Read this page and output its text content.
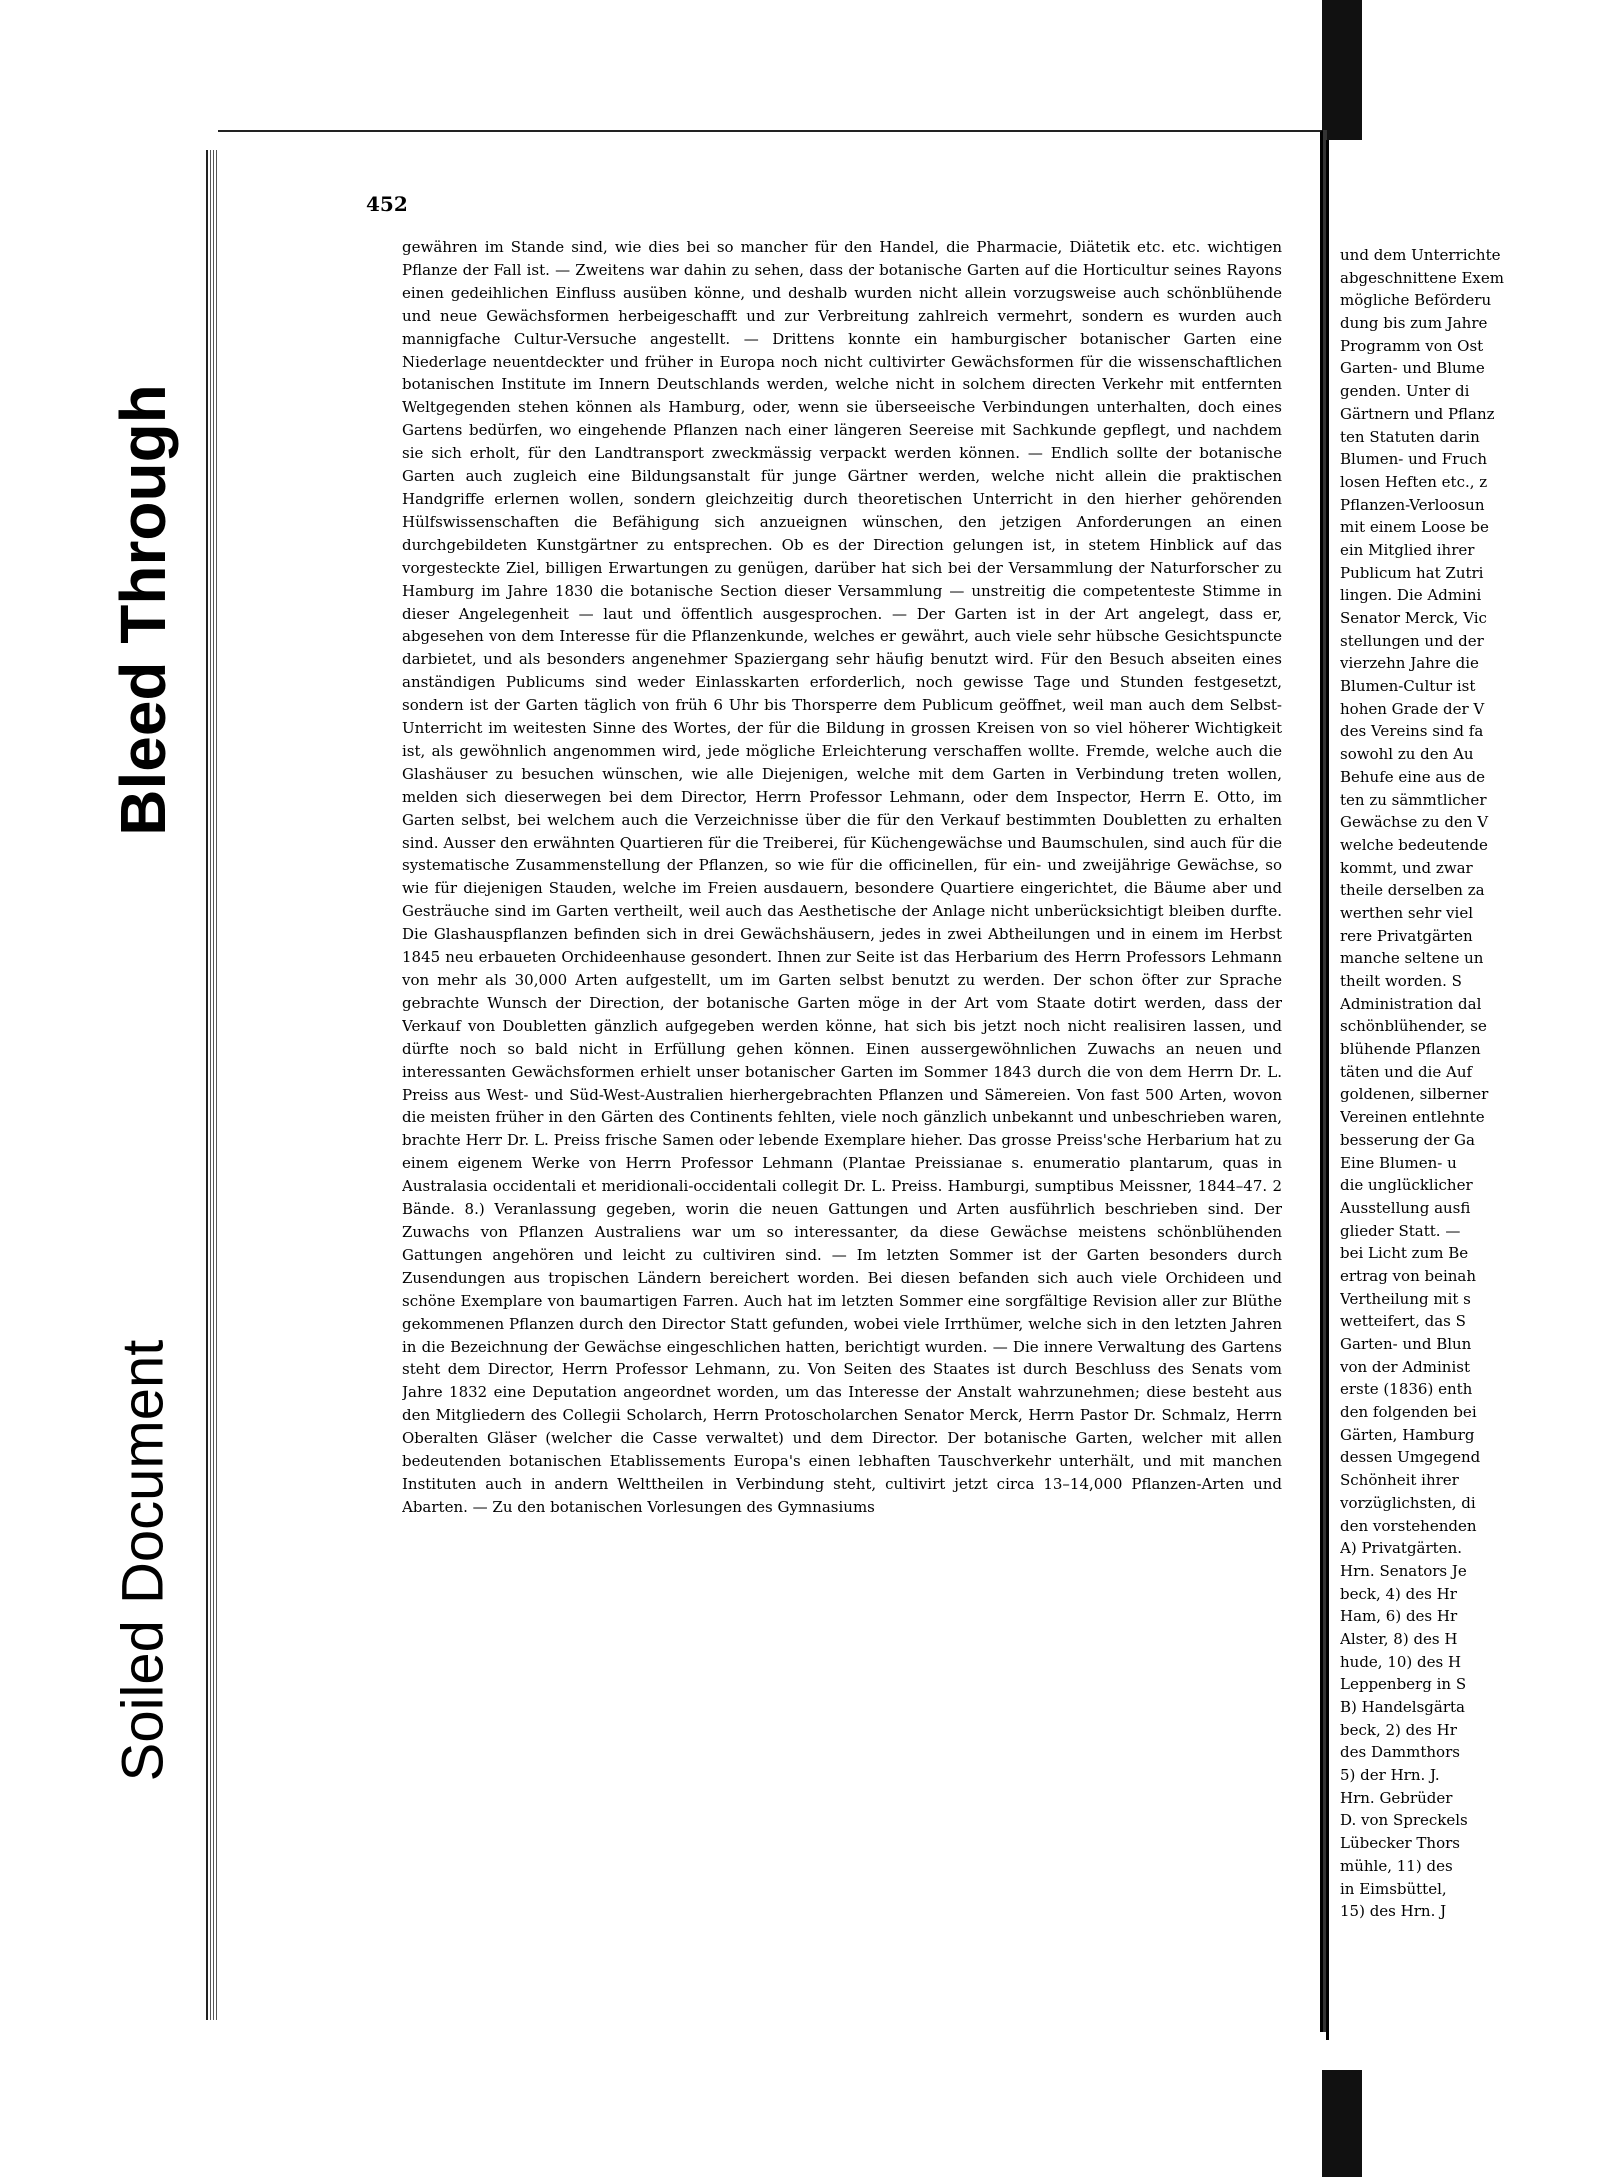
Bleed Through
Soiled Document
452

gewähren im Stande sind, wie dies bei so mancher für den Handel, die Pharmacie, Diätetik etc. etc. wichtigen Pflanze der Fall ist. — Zweitens war dahin zu sehen, dass der botanische Garten auf die Horticultur seines Rayons einen gedeihlichen Einfluss ausüben könne, und deshalb wurden nicht allein vorzugsweise auch schönblühende und neue Gewächsformen herbeigeschafft und zur Verbreitung zahlreich vermehrt, sondern es wurden auch mannigfache Cultur-Versuche angestellt. — Drittens konnte ein hamburgischer botanischer Garten eine Niederlage neuentdeckter und früher in Europa noch nicht cultivirter Gewächsformen für die wissenschaftlichen botanischen Institute im Innern Deutschlands werden, welche nicht in solchem directen Verkehr mit entfernten Weltgegenden stehen können als Hamburg, oder, wenn sie überseeische Verbindungen unterhalten, doch eines Gartens bedürfen, wo eingehende Pflanzen nach einer längeren Seereise mit Sachkunde gepflegt, und nachdem sie sich erholt, für den Landtransport zweckmässig verpackt werden können. — Endlich sollte der botanische Garten auch zugleich eine Bildungsanstalt für junge Gärtner werden, welche nicht allein die praktischen Handgriffe erlernen wollen, sondern gleichzeitig durch theoretischen Unterricht in den hierher gehörenden Hülfswissenschaften die Befähigung sich anzueignen wünschen, den jetzigen Anforderungen an einen durchgebildeten Kunstgärtner zu entsprechen. Ob es der Direction gelungen ist, in stetem Hinblick auf das vorgesteckte Ziel, billigen Erwartungen zu genügen, darüber hat sich bei der Versammlung der Naturforscher zu Hamburg im Jahre 1830 die botanische Section dieser Versammlung — unstreitig die competenteste Stimme in dieser Angelegenheit — laut und öffentlich ausgesprochen. — Der Garten ist in der Art angelegt, dass er, abgesehen von dem Interesse für die Pflanzenkunde, welches er gewährt, auch viele sehr hübsche Gesichtspuncte darbietet, und als besonders angenehmer Spaziergang sehr häufig benutzt wird. Für den Besuch abseiten eines anständigen Publicums sind weder Einlasskarten erforderlich, noch gewisse Tage und Stunden festgesetzt, sondern ist der Garten täglich von früh 6 Uhr bis Thorsperre dem Publicum geöffnet, weil man auch dem Selbst-Unterricht im weitesten Sinne des Wortes, der für die Bildung in grossen Kreisen von so viel höherer Wichtigkeit ist, als gewöhnlich angenommen wird, jede mögliche Erleichterung verschaffen wollte. Fremde, welche auch die Glashäuser zu besuchen wünschen, wie alle Diejenigen, welche mit dem Garten in Verbindung treten wollen, melden sich dieserwegen bei dem Director, Herrn Professor Lehmann, oder dem Inspector, Herrn E. Otto, im Garten selbst, bei welchem auch die Verzeichnisse über die für den Verkauf bestimmten Doubletten zu erhalten sind. Ausser den erwähnten Quartieren für die Treiberei, für Küchengewächse und Baumschulen, sind auch für die systematische Zusammenstellung der Pflanzen, so wie für die officinellen, für ein- und zweijährige Gewächse, so wie für diejenigen Stauden, welche im Freien ausdauern, besondere Quartiere eingerichtet, die Bäume aber und Gesträuche sind im Garten vertheilt, weil auch das Aesthetische der Anlage nicht unberücksichtigt bleiben durfte. Die Glashauspflanzen befinden sich in drei Gewächshäusern, jedes in zwei Abtheilungen und in einem im Herbst 1845 neu erbaueten Orchideenhause gesondert. Ihnen zur Seite ist das Herbarium des Herrn Professors Lehmann von mehr als 30,000 Arten aufgestellt, um im Garten selbst benutzt zu werden. Der schon öfter zur Sprache gebrachte Wunsch der Direction, der botanische Garten möge in der Art vom Staate dotirt werden, dass der Verkauf von Doubletten gänzlich aufgegeben werden könne, hat sich bis jetzt noch nicht realisiren lassen, und dürfte noch so bald nicht in Erfüllung gehen können. Einen aussergewöhnlichen Zuwachs an neuen und interessanten Gewächsformen erhielt unser botanischer Garten im Sommer 1843 durch die von dem Herrn Dr. L. Preiss aus West- und Süd-West-Australien hierhergebrachten Pflanzen und Sämereien. Von fast 500 Arten, wovon die meisten früher in den Gärten des Continents fehlten, viele noch gänzlich unbekannt und unbeschrieben waren, brachte Herr Dr. L. Preiss frische Samen oder lebende Exemplare hieher. Das grosse Preiss'sche Herbarium hat zu einem eigenem Werke von Herrn Professor Lehmann (Plantae Preissianae s. enumeratio plantarum, quas in Australasia occidentali et meridionali-occidentali collegit Dr. L. Preiss. Hamburgi, sumptibus Meissner, 1844–47. 2 Bände. 8.) Veranlassung gegeben, worin die neuen Gattungen und Arten ausführlich beschrieben sind. Der Zuwachs von Pflanzen Australiens war um so interessanter, da diese Gewächse meistens schönblühenden Gattungen angehören und leicht zu cultiviren sind. — Im letzten Sommer ist der Garten besonders durch Zusendungen aus tropischen Ländern bereichert worden. Bei diesen befanden sich auch viele Orchideen und schöne Exemplare von baumartigen Farren. Auch hat im letzten Sommer eine sorgfältige Revision aller zur Blüthe gekommenen Pflanzen durch den Director Statt gefunden, wobei viele Irrthümer, welche sich in den letzten Jahren in die Bezeichnung der Gewächse eingeschlichen hatten, berichtigt wurden. — Die innere Verwaltung des Gartens steht dem Director, Herrn Professor Lehmann, zu. Von Seiten des Staates ist durch Beschluss des Senats vom Jahre 1832 eine Deputation angeordnet worden, um das Interesse der Anstalt wahrzunehmen; diese besteht aus den Mitgliedern des Collegii Scholarch, Herrn Protoscholarchen Senator Merck, Herrn Pastor Dr. Schmalz, Herrn Oberalten Gläser (welcher die Casse verwaltet) und dem Director. Der botanische Garten, welcher mit allen bedeutenden botanischen Etablissements Europa's einen lebhaften Tauschverkehr unterhält, und mit manchen Instituten auch in andern Welttheilen in Verbindung steht, cultivirt jetzt circa 13–14,000 Pflanzen-Arten und Abarten. — Zu den botanischen Vorlesungen des Gymnasiums

und dem Unterrichte
abgeschnittene Exem
mögliche Beförderu
dung bis zum Jahre
Programm von Ost
Garten- und Blume
genden. Unter di
Gärtnern und Pflanz
ten Statuten darin
Blumen- und Fruch
losen Heften etc., z
Pflanzen-Verloosun
mit einem Loose be
ein Mitglied ihrer
Publicum hat Zutri
lingen. Die Admini
Senator Merck, Vic
stellungen und der
vierzehn Jahre die
Blumen-Cultur ist
hohen Grade der V
des Vereins sind fa
sowohl zu den Au
Behufe eine aus de
ten zu sämmtlicher
Gewächse zu den V
welche bedeutende
kommt, und zwar
theile derselben za
werthen sehr viel
rere Privatgärten
manche seltene un
theilt worden. S
Administration dal
schönblühender, se
blühende Pflanzen
täten und die Auf
goldenen, silberner
Vereinen entlehnte
besserung der Ga
Eine Blumen- u
die unglücklicher
Ausstellung ausfi
glieder Statt. —
bei Licht zum Be
ertrag von beinah
Vertheilung mit s
wetteifert, das S
Garten- und Blun
von der Administ
erste (1836) enth
den folgenden bei
Gärten, Hamburg
dessen Umgegend
Schönheit ihrer
vorzüglichsten, di
den vorstehenden
A) Privatgärten.
Hrn. Senators Je
beck, 4) des Hr
Ham, 6) des Hr
Alster, 8) des H
hude, 10) des H
Leppenberg in S
B) Handelsgärta
beck, 2) des Hr
des Dammthors
5) der Hrn. J.
Hrn. Gebrüder
D. von Spreckels
Lübecker Thors
mühle, 11) des
in Eimsbüttel,
15) des Hrn. J
